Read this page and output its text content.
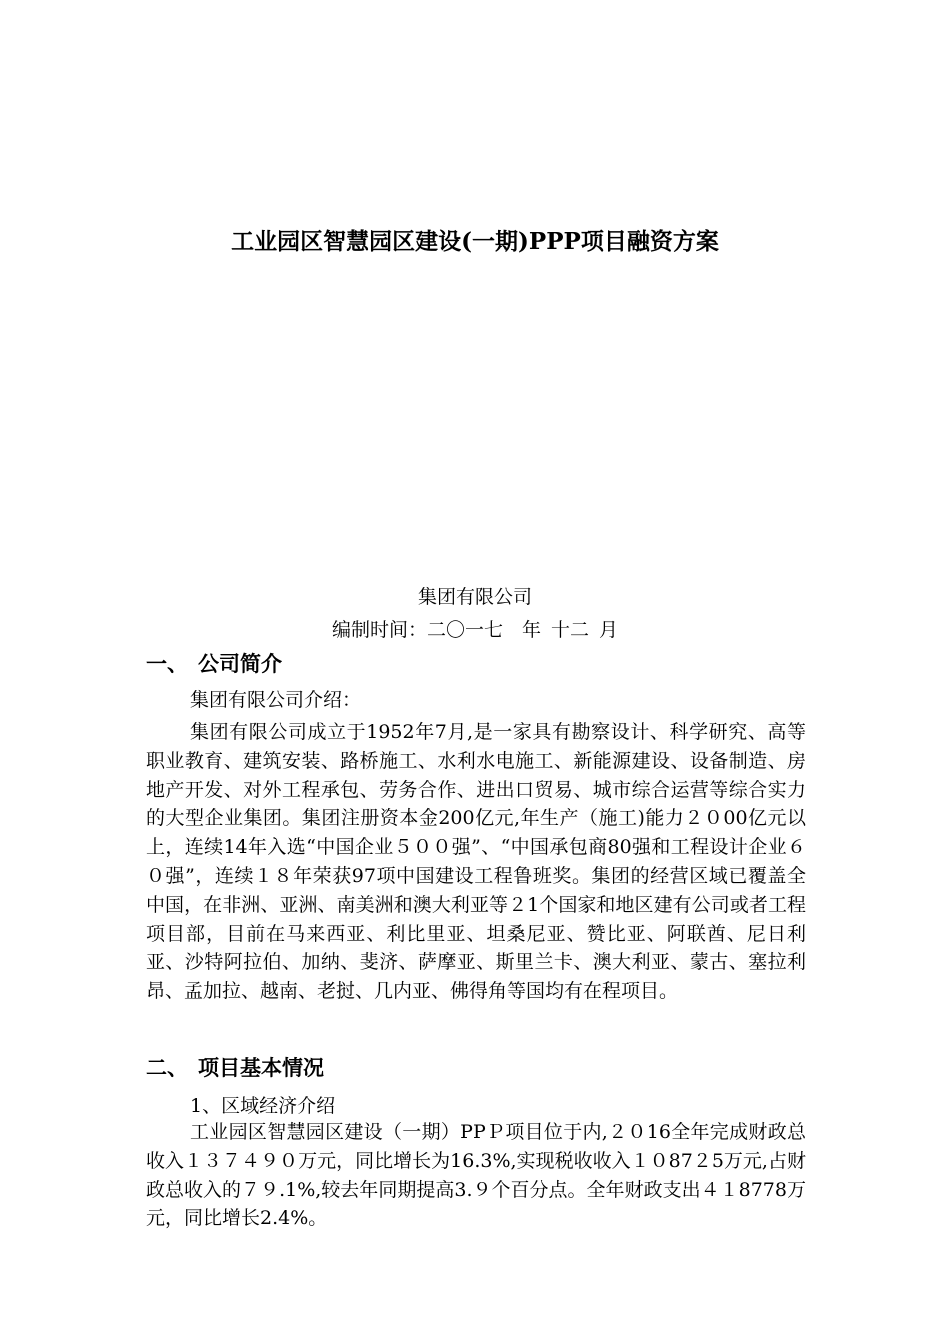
工业园区智慧园区建设(一期)PPP项目融资方案
集团有限公司
编制时间：二〇一七　年 十二 月
一、 公司简介

集团有限公司介绍：

集团有限公司成立于1952年7月,是一家具有勘察设计、科学研究、高等职业教育、建筑安装、路桥施工、水利水电施工、新能源建设、设备制造、房地产开发、对外工程承包、劳务合作、进出口贸易、城市综合运营等综合实力的大型企业集团。集团注册资本金200亿元,年生产（施工)能力２０00亿元以上，连续14年入选“中国企业５００强”、“中国承包商80强和工程设计企业６０强”，连续１８年荣获97项中国建设工程鲁班奖。集团的经营区域已覆盖全中国，在非洲、亚洲、南美洲和澳大利亚等２1个国家和地区建有公司或者工程项目部，目前在马来西亚、利比里亚、坦桑尼亚、赞比亚、阿联酋、尼日利亚、沙特阿拉伯、加纳、斐济、萨摩亚、斯里兰卡、澳大利亚、蒙古、塞拉利昂、孟加拉、越南、老挝、几内亚、佛得角等国均有在程项目。

二、 项目基本情况

1、区域经济介绍

工业园区智慧园区建设（一期）PPＰ项目位于内,２０16全年完成财政总收入１３７４９０万元，同比增长为16.3%,实现税收收入１０87２5万元,占财政总收入的７９.1%,较去年同期提高3.９个百分点。全年财政支出４１8778万元，同比增长2.4%。
